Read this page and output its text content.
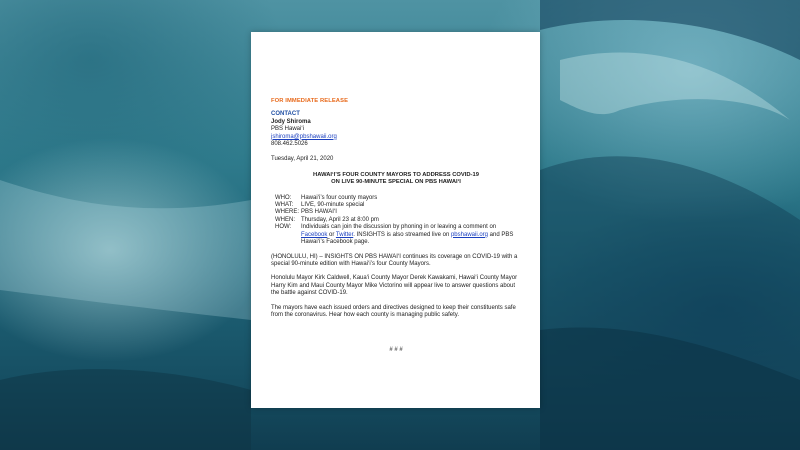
FOR IMMEDIATE RELEASE
CONTACT
Jody Shiroma
PBS Hawai‘i
jshiroma@pbshawaii.org
808.462.5026
Tuesday, April 21, 2020
HAWAI‘I’S FOUR COUNTY MAYORS TO ADDRESS COVID-19
ON LIVE 90-MINUTE SPECIAL ON PBS HAWAI‘I
WHO:	Hawai‘i’s four county mayors
WHAT:	LIVE, 90-minute special
WHERE: PBS HAWAI‘I
WHEN:	Thursday, April 23 at 8:00 pm
HOW:	Individuals can join the discussion by phoning in or leaving a comment on Facebook or Twitter. INSIGHTS is also streamed live on pbshawaii.org and PBS Hawai‘i’s Facebook page.
(HONOLULU, HI) – INSIGHTS ON PBS HAWAI‘I continues its coverage on COVID-19 with a special 90-minute edition with Hawai‘i’s four County Mayors.
Honolulu Mayor Kirk Caldwell, Kaua‘i County Mayor Derek Kawakami, Hawai‘i County Mayor Harry Kim and Maui County Mayor Mike Victorino will appear live to answer questions about the battle against COVID-19.
The mayors have each issued orders and directives designed to keep their constituents safe from the coronavirus. Hear how each county is managing public safety.
# # #
